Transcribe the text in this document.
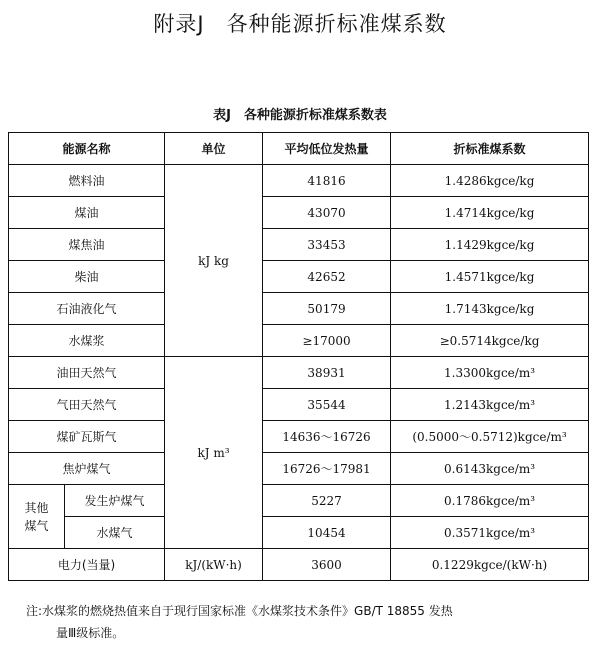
附录J　各种能源折标准煤系数
表J　各种能源折标准煤系数表
能源名称		单位	平均低位发热量	折标准煤系数
燃料油		kJ kg	41816	1.4286kgce/kg
煤油			43070	1.4714kgce/kg
煤焦油			33453	1.1429kgce/kg
柴油			42652	1.4571kgce/kg
石油液化气			50179	1.7143kgce/kg
水煤浆			≥17000	≥0.5714kgce/kg
油田天然气		kJ m³	38931	1.3300kgce/m³
气田天然气			35544	1.2143kgce/m³
煤矿瓦斯气			14636～16726	(0.5000～0.5712)kgce/m³
焦炉煤气			16726～17981	0.6143kgce/m³
其他
煤气	发生炉煤气		5227	0.1786kgce/m³
	水煤气		10454	0.3571kgce/m³
电力(当量)		kJ/(kW·h)	3600	0.1229kgce/(kW·h)
注:水煤浆的燃烧热值来自于现行国家标准《水煤浆技术条件》GB/T 18855 发热
量Ⅲ级标准。
